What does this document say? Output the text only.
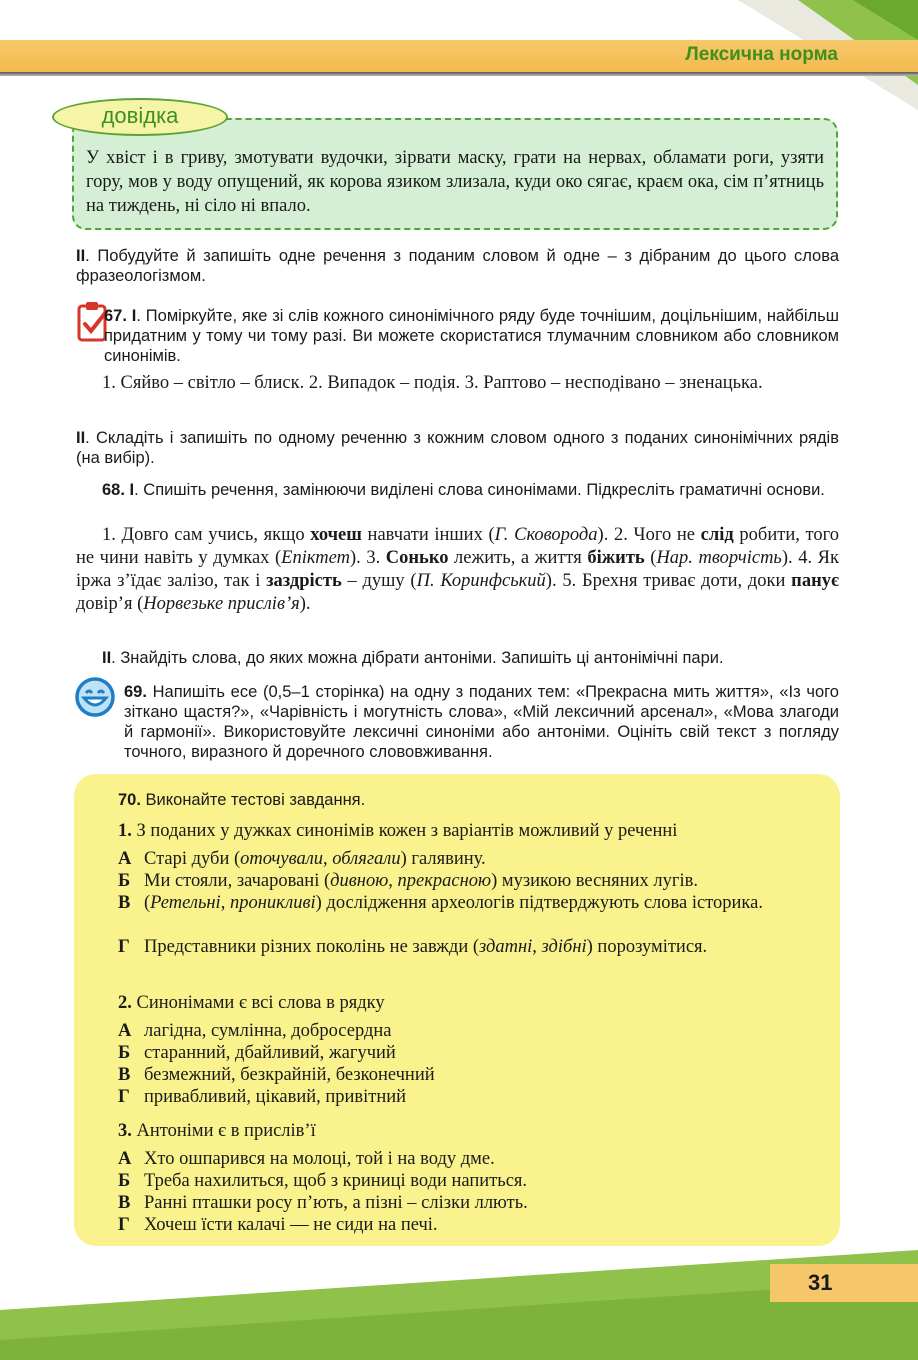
Лексична норма
У хвіст і в гриву, змотувати вудочки, зірвати маску, грати на нервах, обламати роги, узяти гору, мов у воду опущений, як корова язиком злизала, куди око сягає, краєм ока, сім п’ятниць на тиждень, ні сіло ні впало.
довідка
ІІ. Побудуйте й запишіть одне речення з поданим словом й одне – з дібраним до цього слова фразеологізмом.
67. І. Поміркуйте, яке зі слів кожного синонімічного ряду буде точнішим, доцільнішим, найбільш придатним у тому чи тому разі. Ви можете скористатися тлумачним словником або словником синонімів.
1. Сяйво – світло – блиск. 2. Випадок – подія. 3. Раптово – несподівано – зненацька.
ІІ. Складіть і запишіть по одному реченню з кожним словом одного з поданих синонімічних рядів (на вибір).
68. І. Спишіть речення, замінюючи виділені слова синонімами. Підкресліть граматичні основи.
1. Довго сам учись, якщо хочеш навчати інших (Г. Сковорода). 2. Чого не слід робити, того не чини навіть у думках (Епіктет). 3. Сонько лежить, а життя біжить (Нар. творчість). 4. Як іржа з’їдає залізо, так і заздрість – душу (П. Коринфський). 5. Брехня триває доти, доки панує довір’я (Норвезьке прислів’я).
ІІ. Знайдіть слова, до яких можна дібрати антоніми. Запишіть ці антонімічні пари.
69. Напишіть есе (0,5–1 сторінка) на одну з поданих тем: «Прекрасна мить життя», «Із чого зіткано щастя?», «Чарівність і могутність слова», «Мій лексичний арсенал», «Мова злагоди й гармонії». Використовуйте лексичні синоніми або антоніми. Оцініть свій текст з погляду точного, виразного й доречного слововживання.
70. Виконайте тестові завдання.
1. З поданих у дужках синонімів кожен з варіантів можливий у реченні
А Старі дуби (оточували, облягали) галявину.
Б Ми стояли, зачаровані (дивною, прекрасною) музикою весняних лугів.
В (Ретельні, проникливі) дослідження археологів підтверджують слова історика.
Г Представники різних поколінь не завжди (здатні, здібні) порозумітися.
2. Синонімами є всі слова в рядку
А лагідна, сумлінна, добросердна
Б старанний, дбайливий, жагучий
В безмежний, безкрайній, безконечний
Г привабливий, цікавий, привітний
3. Антоніми є в прислів’ї
А Хто ошпарився на молоці, той і на воду дме.
Б Треба нахилиться, щоб з криниці води напиться.
В Ранні пташки росу п’ють, а пізні – слізки ллють.
Г Хочеш їсти калачі — не сиди на печі.
31
